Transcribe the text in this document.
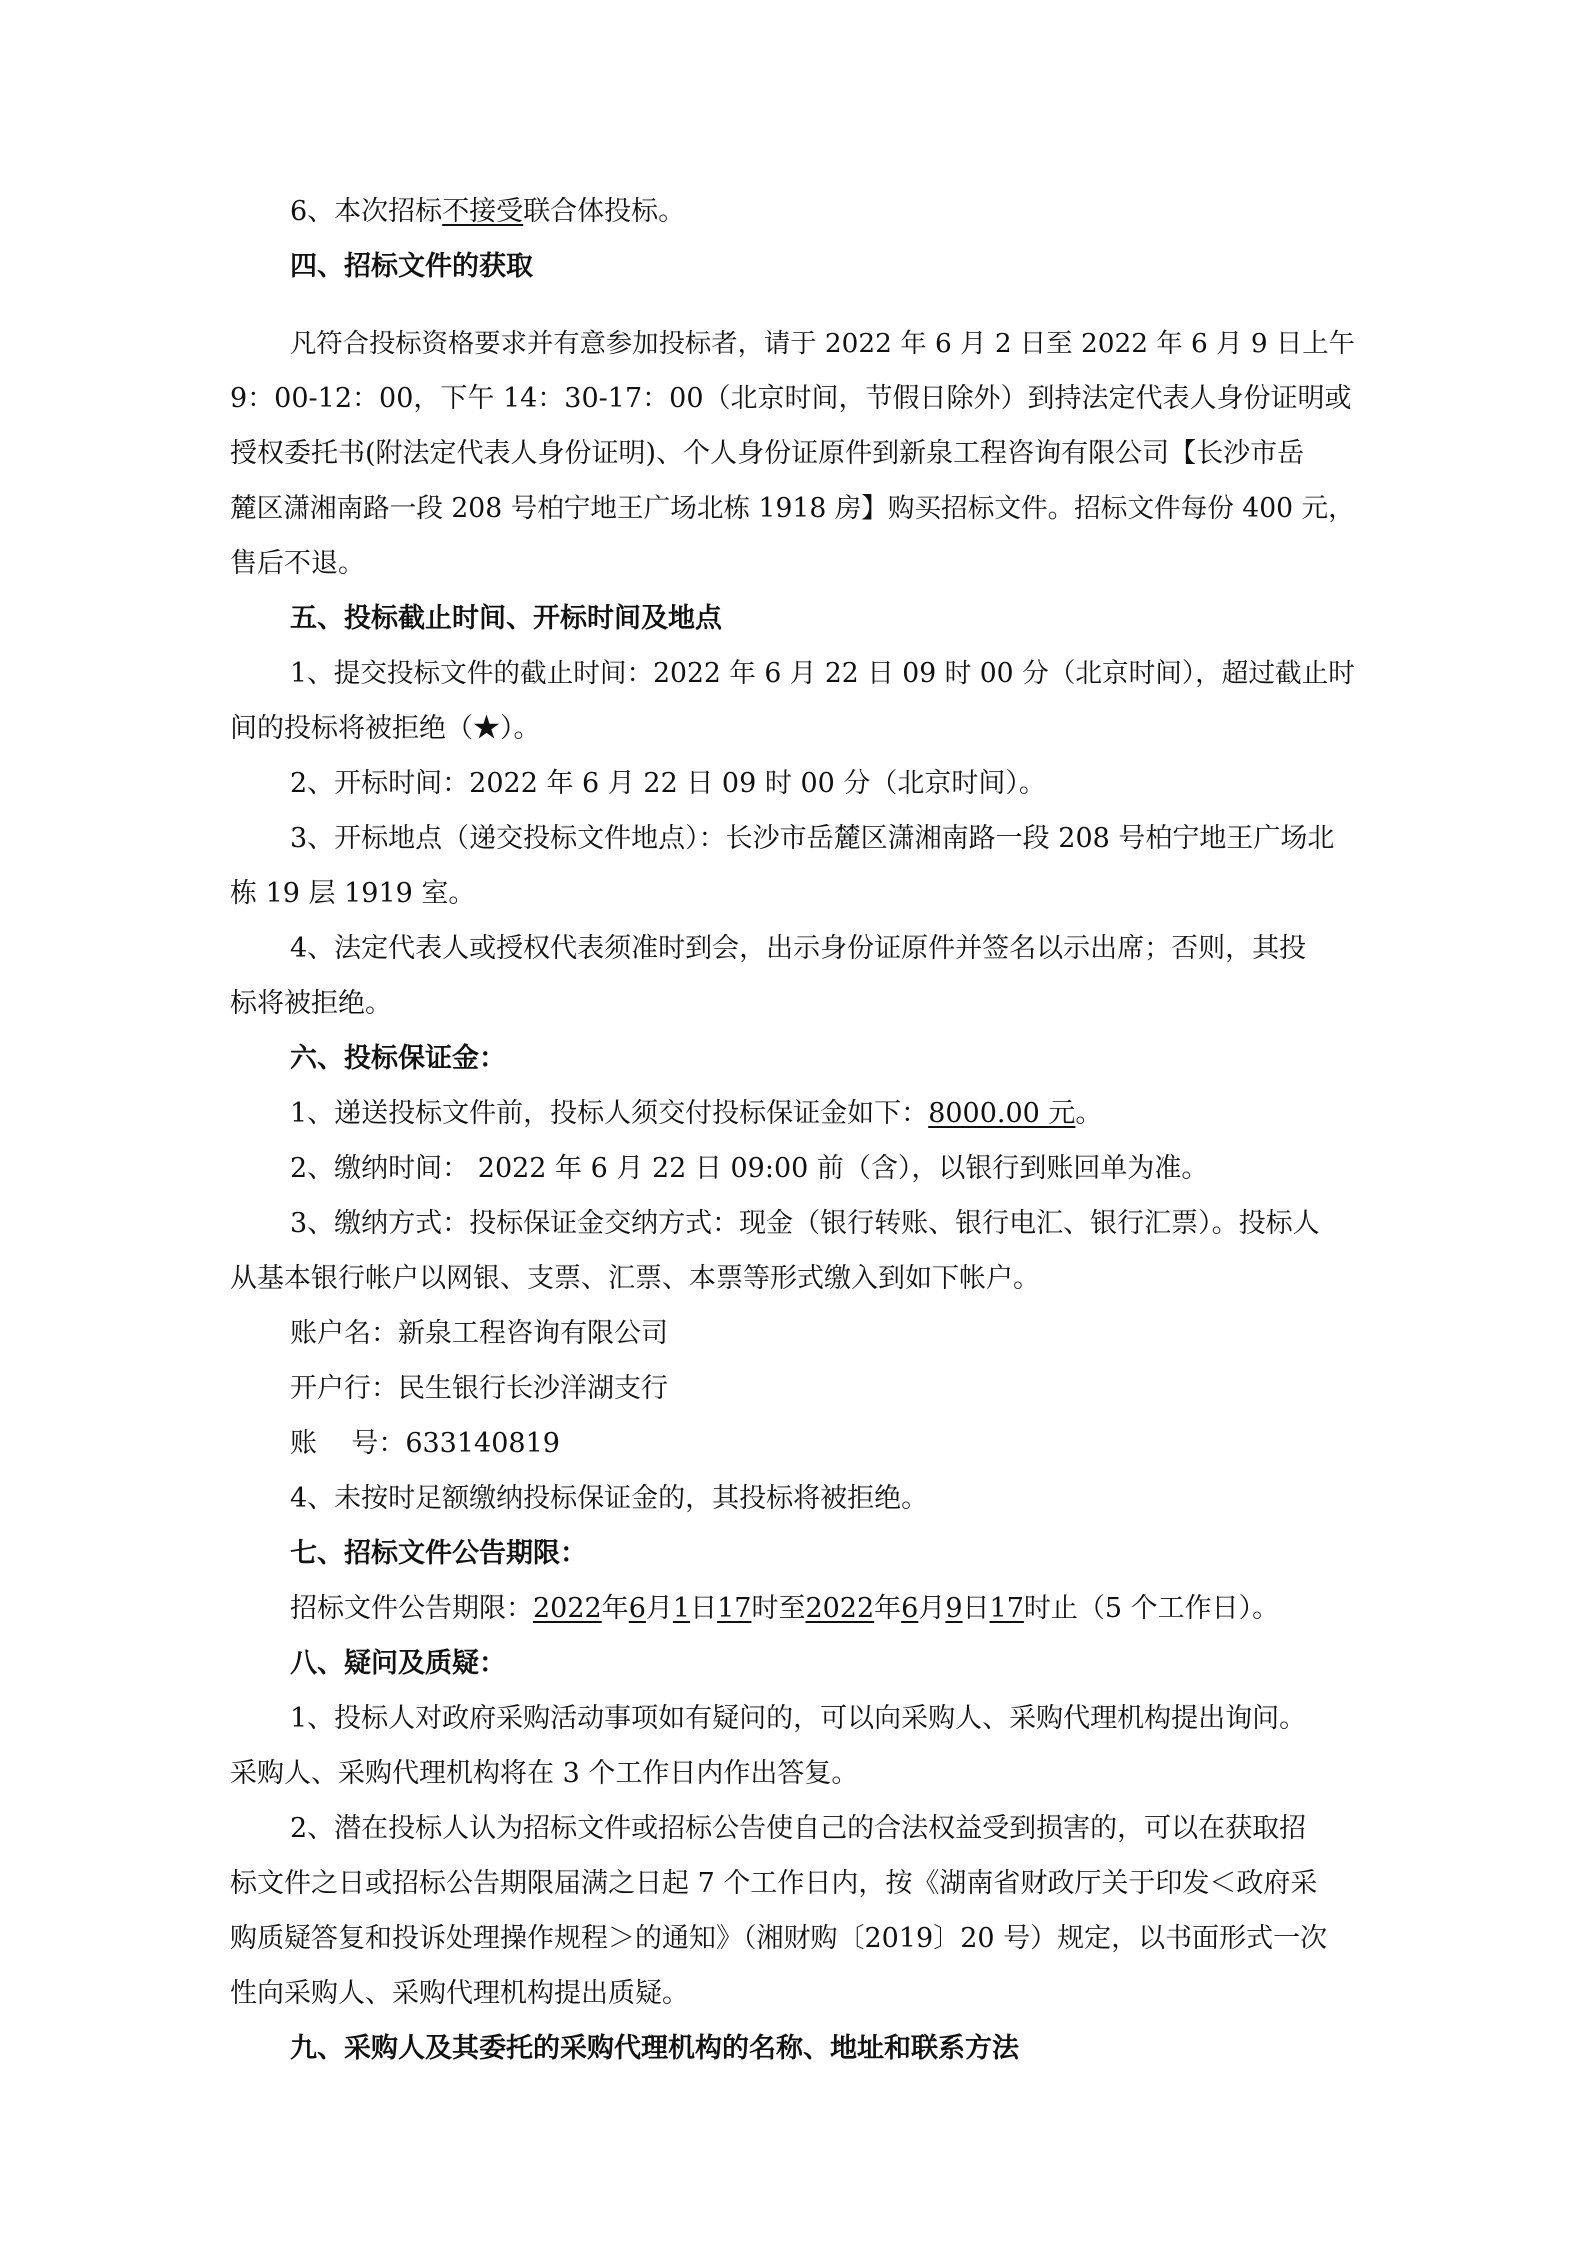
6、本次招标不接受联合体投标。
四、招标文件的获取
凡符合投标资格要求并有意参加投标者，请于 2022 年 6 月 2 日至 2022 年 6 月 9 日上午
9：00-12：00，下午 14：30-17：00（北京时间，节假日除外）到持法定代表人身份证明或
授权委托书(附法定代表人身份证明)、个人身份证原件到新泉工程咨询有限公司【长沙市岳
麓区潇湘南路一段 208 号柏宁地王广场北栋 1918 房】购买招标文件。招标文件每份 400 元，
售后不退。
五、投标截止时间、开标时间及地点
1、提交投标文件的截止时间：2022 年 6 月 22 日 09 时 00 分（北京时间），超过截止时
间的投标将被拒绝（★）。
2、开标时间：2022 年 6 月 22 日 09 时 00 分（北京时间）。
3、开标地点（递交投标文件地点）：长沙市岳麓区潇湘南路一段 208 号柏宁地王广场北
栋 19 层 1919 室。
4、法定代表人或授权代表须准时到会，出示身份证原件并签名以示出席；否则，其投
标将被拒绝。
六、投标保证金：
1、递送投标文件前，投标人须交付投标保证金如下：8000.00 元。
2、缴纳时间： 2022 年 6 月 22 日 09:00 前（含），以银行到账回单为准。
3、缴纳方式：投标保证金交纳方式：现金（银行转账、银行电汇、银行汇票）。投标人
从基本银行帐户以网银、支票、汇票、本票等形式缴入到如下帐户。
账户名：新泉工程咨询有限公司
开户行：民生银行长沙洋湖支行
账    号：633140819
4、未按时足额缴纳投标保证金的，其投标将被拒绝。
七、招标文件公告期限：
招标文件公告期限：2022年6月1日17时至2022年6月9日17时止（5 个工作日）。
八、疑问及质疑：
1、投标人对政府采购活动事项如有疑问的，可以向采购人、采购代理机构提出询问。
采购人、采购代理机构将在 3 个工作日内作出答复。
2、潜在投标人认为招标文件或招标公告使自己的合法权益受到损害的，可以在获取招
标文件之日或招标公告期限届满之日起 7 个工作日内，按《湖南省财政厅关于印发＜政府采
购质疑答复和投诉处理操作规程＞的通知》（湘财购〔2019〕20 号）规定，以书面形式一次
性向采购人、采购代理机构提出质疑。
九、采购人及其委托的采购代理机构的名称、地址和联系方法
